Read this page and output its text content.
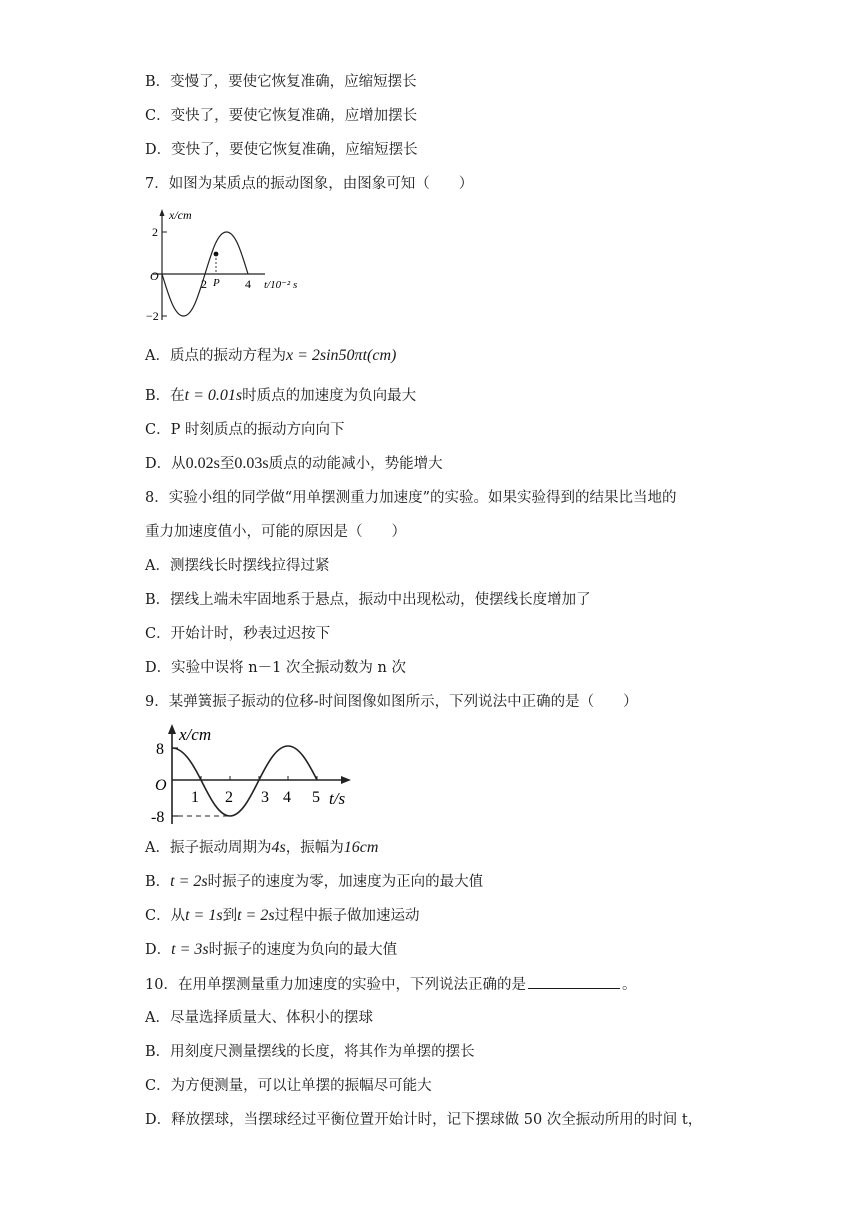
B．变慢了，要使它恢复准确，应缩短摆长
C．变快了，要使它恢复准确，应增加摆长
D．变快了，要使它恢复准确，应缩短摆长
7．如图为某质点的振动图象，由图象可知（　　）
x/cm
2
−2
O
2 P 4 t/10⁻² s
A．质点的振动方程为x = 2sin50πt(cm)
B．在t = 0.01s时质点的加速度为负向最大
C．P 时刻质点的振动方向向下
D．从0.02s至0.03s质点的动能减小，势能增大
8．实验小组的同学做“用单摆测重力加速度”的实验。如果实验得到的结果比当地的
重力加速度值小，可能的原因是（　　）
A．测摆线长时摆线拉得过紧
B．摆线上端未牢固地系于悬点，振动中出现松动，使摆线长度增加了
C．开始计时，秒表过迟按下
D．实验中误将 n－1 次全振动数为 n 次
9．某弹簧振子振动的位移-时间图像如图所示，下列说法中正确的是（　　）
x/cm
8
-8
O
1 2 3 4 5 t/s
A．振子振动周期为4s，振幅为16cm
B．t = 2s时振子的速度为零，加速度为正向的最大值
C．从t = 1s到t = 2s过程中振子做加速运动
D．t = 3s时振子的速度为负向的最大值
10．在用单摆测量重力加速度的实验中，下列说法正确的是	。
A．尽量选择质量大、体积小的摆球
B．用刻度尺测量摆线的长度，将其作为单摆的摆长
C．为方便测量，可以让单摆的振幅尽可能大
D．释放摆球，当摆球经过平衡位置开始计时，记下摆球做 50 次全振动所用的时间 t，
